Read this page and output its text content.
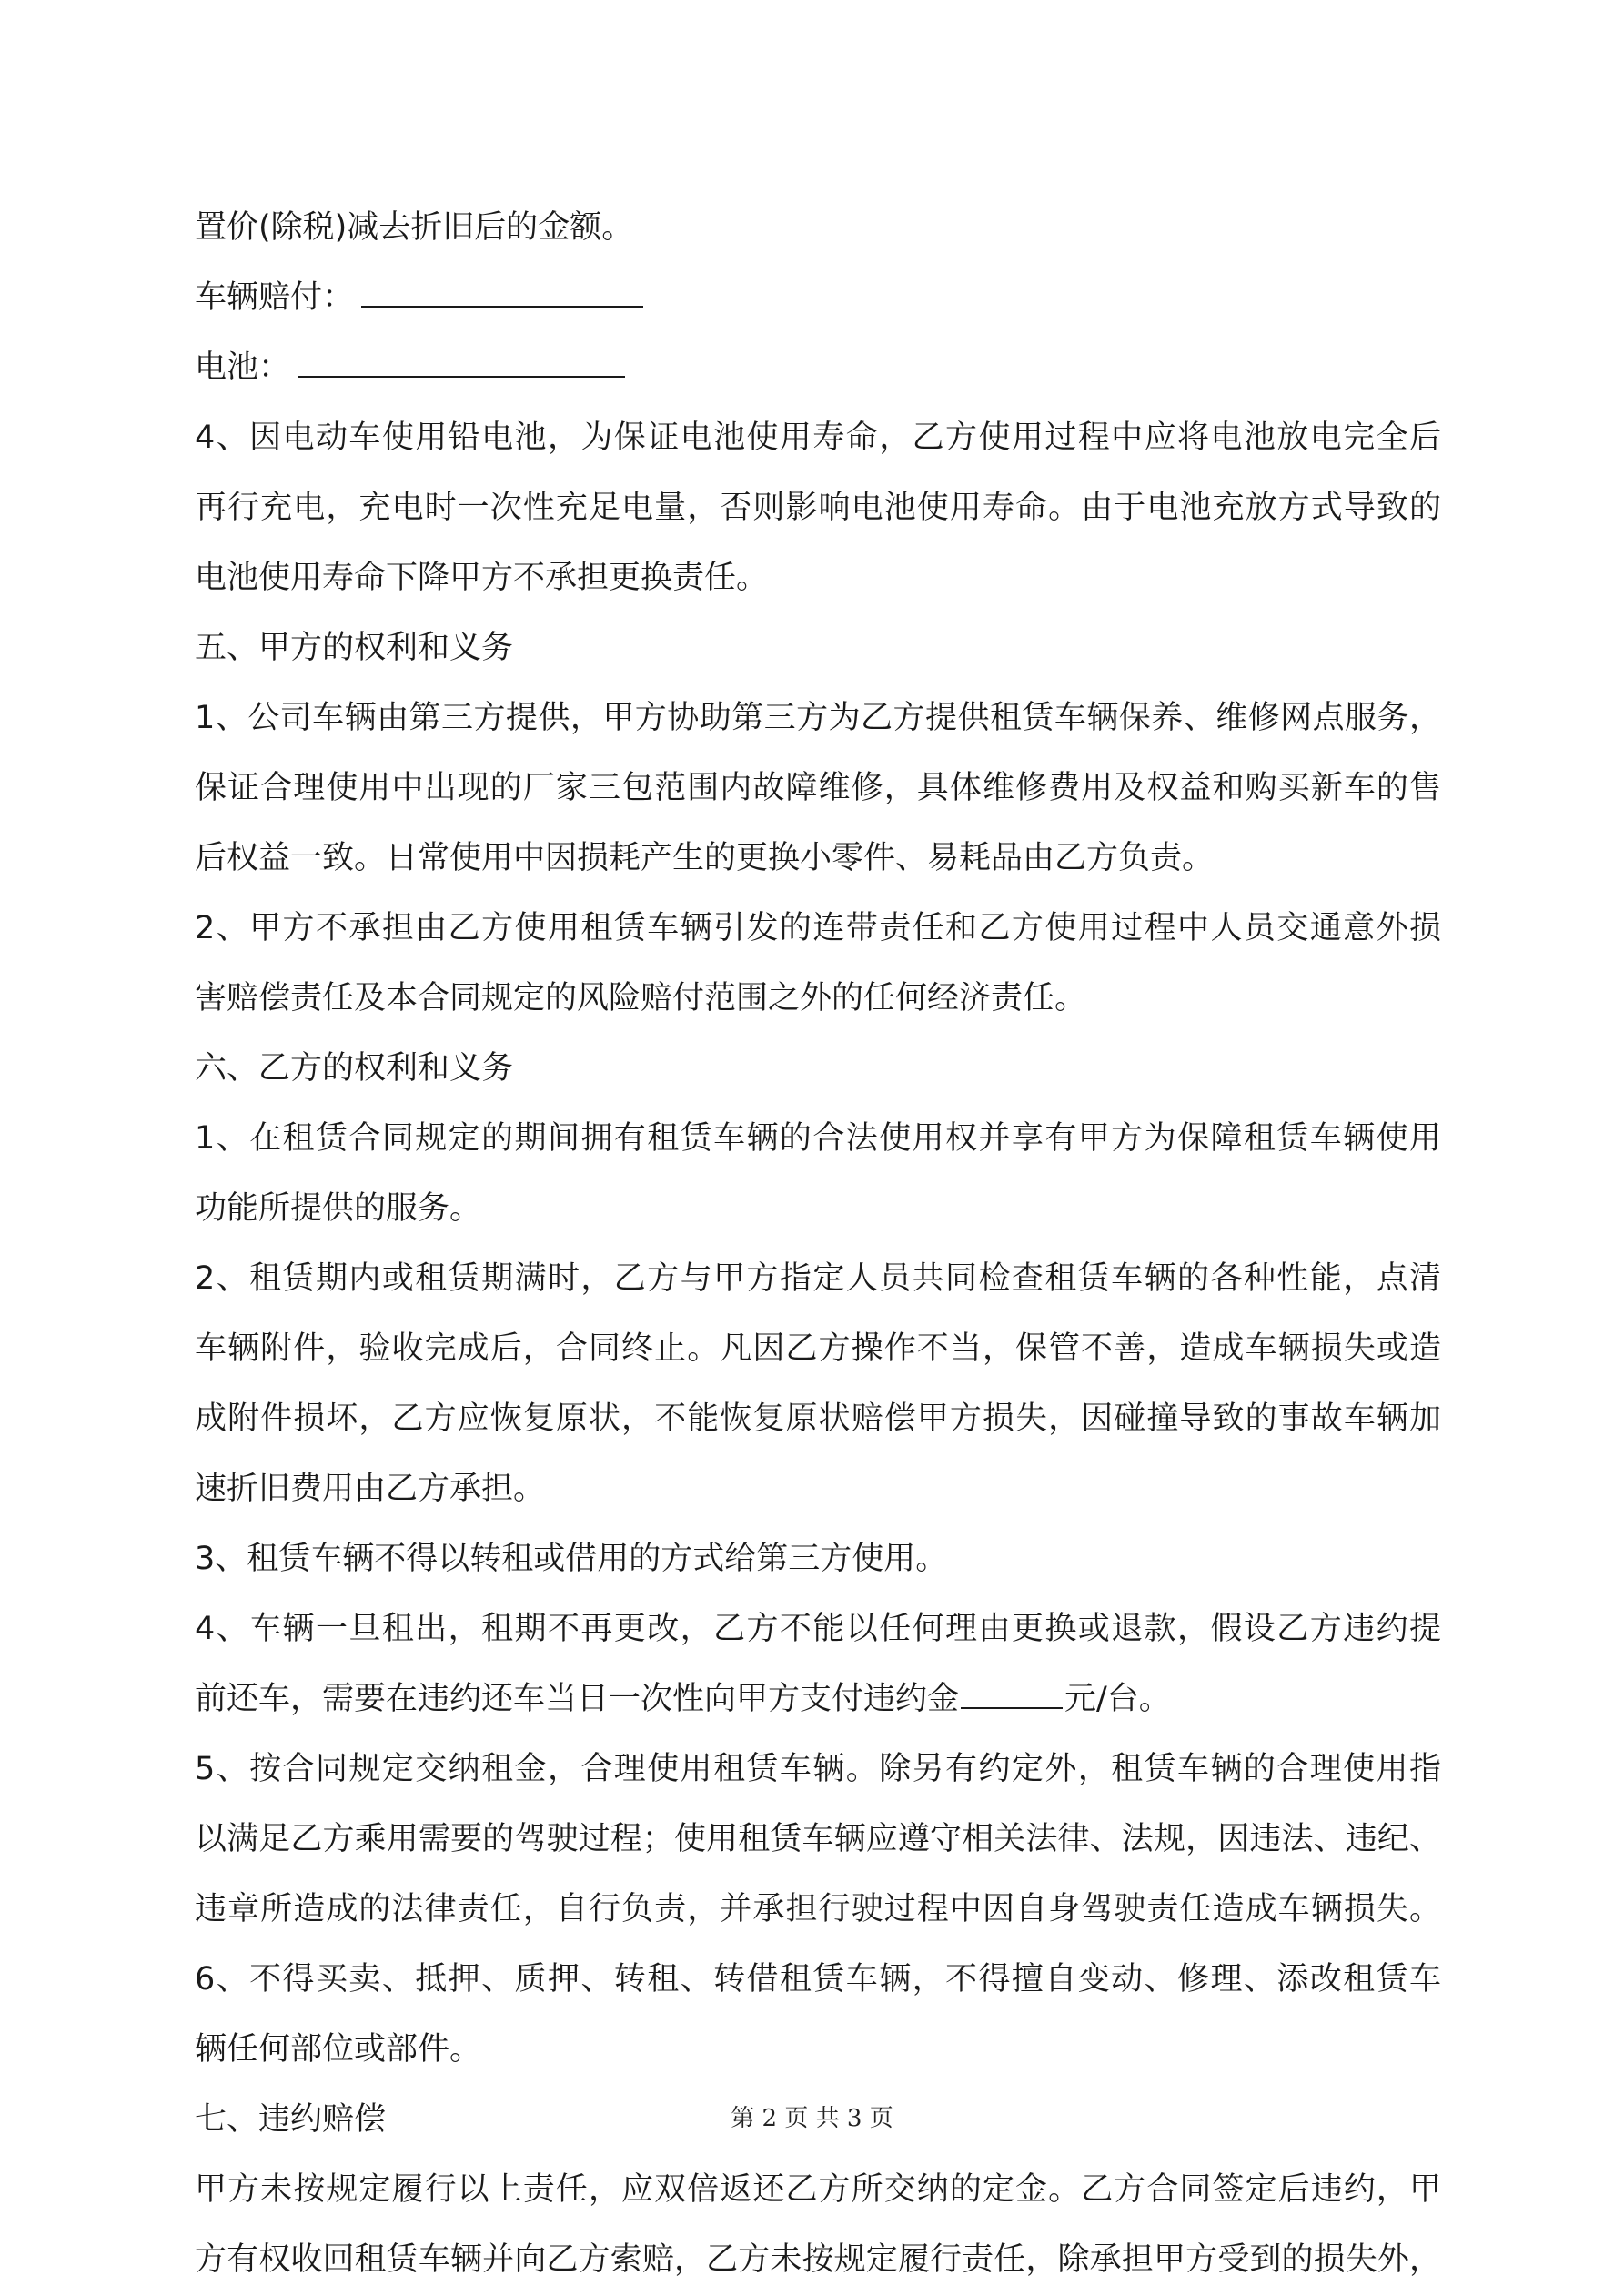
置价(除税)减去折旧后的金额。
车辆赔付：
电池：
4、因电动车使用铅电池，为保证电池使用寿命，乙方使用过程中应将电池放电完全后
再行充电，充电时一次性充足电量，否则影响电池使用寿命。由于电池充放方式导致的
电池使用寿命下降甲方不承担更换责任。
五、甲方的权利和义务
1、公司车辆由第三方提供，甲方协助第三方为乙方提供租赁车辆保养、维修网点服务，
保证合理使用中出现的厂家三包范围内故障维修，具体维修费用及权益和购买新车的售
后权益一致。日常使用中因损耗产生的更换小零件、易耗品由乙方负责。
2、甲方不承担由乙方使用租赁车辆引发的连带责任和乙方使用过程中人员交通意外损
害赔偿责任及本合同规定的风险赔付范围之外的任何经济责任。
六、乙方的权利和义务
1、在租赁合同规定的期间拥有租赁车辆的合法使用权并享有甲方为保障租赁车辆使用
功能所提供的服务。
2、租赁期内或租赁期满时，乙方与甲方指定人员共同检查租赁车辆的各种性能，点清
车辆附件，验收完成后，合同终止。凡因乙方操作不当，保管不善，造成车辆损失或造
成附件损坏，乙方应恢复原状，不能恢复原状赔偿甲方损失，因碰撞导致的事故车辆加
速折旧费用由乙方承担。
3、租赁车辆不得以转租或借用的方式给第三方使用。
4、车辆一旦租出，租期不再更改，乙方不能以任何理由更换或退款，假设乙方违约提
前还车，需要在违约还车当日一次性向甲方支付违约金	元/台。
5、按合同规定交纳租金，合理使用租赁车辆。除另有约定外，租赁车辆的合理使用指
以满足乙方乘用需要的驾驶过程；使用租赁车辆应遵守相关法律、法规，因违法、违纪、
违章所造成的法律责任，自行负责，并承担行驶过程中因自身驾驶责任造成车辆损失。
6、不得买卖、抵押、质押、转租、转借租赁车辆，不得擅自变动、修理、添改租赁车
辆任何部位或部件。
七、违约赔偿
甲方未按规定履行以上责任，应双倍返还乙方所交纳的定金。乙方合同签定后违约，甲
方有权收回租赁车辆并向乙方索赔，乙方未按规定履行责任，除承担甲方受到的损失外，
第 2 页 共 3 页
